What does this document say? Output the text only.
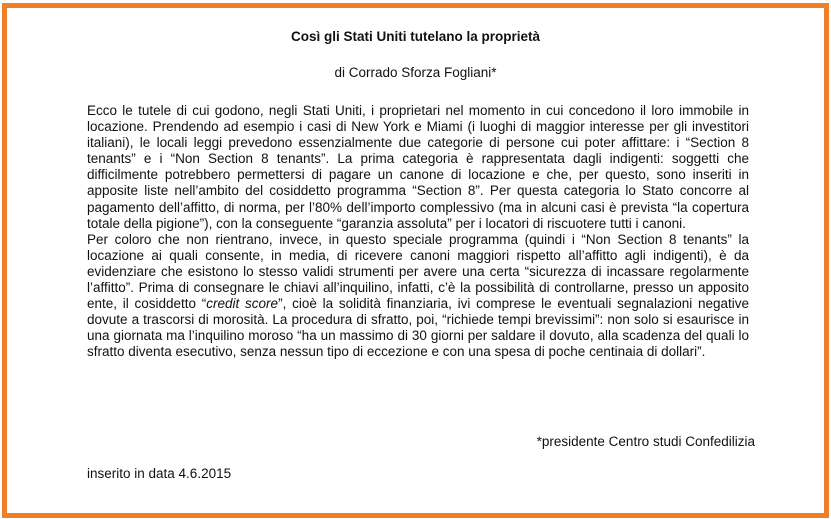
Così gli Stati Uniti tutelano la proprietà
di Corrado Sforza Fogliani*

Ecco le tutele di cui godono, negli Stati Uniti, i proprietari nel momento in cui concedono il loro immobile in locazione. Prendendo ad esempio i casi di New York e Miami (i luoghi di maggior interesse per gli investitori italiani), le locali leggi prevedono essenzialmente due categorie di persone cui poter affittare: i “Section 8 tenants” e i “Non Section 8 tenants”. La prima categoria è rappresentata dagli indigenti: soggetti che difficilmente potrebbero permettersi di pagare un canone di locazione e che, per questo, sono inseriti in apposite liste nell’ambito del cosiddetto programma “Section 8”. Per questa categoria lo Stato concorre al pagamento dell’affitto, di norma, per l’80% dell’importo complessivo (ma in alcuni casi è prevista “la copertura totale della pigione”), con la conseguente “garanzia assoluta” per i locatori di riscuotere tutti i canoni.

Per coloro che non rientrano, invece, in questo speciale programma (quindi i “Non Section 8 tenants” la locazione ai quali consente, in media, di ricevere canoni maggiori rispetto all’affitto agli indigenti), è da evidenziare che esistono lo stesso validi strumenti per avere una certa “sicurezza di incassare regolarmente l’affitto”. Prima di consegnare le chiavi all’inquilino, infatti, c’è la possibilità di controllarne, presso un apposito ente, il cosiddetto “credit score”, cioè la solidità finanziaria, ivi comprese le eventuali segnalazioni negative dovute a trascorsi di morosità. La procedura di sfratto, poi, “richiede tempi brevissimi”: non solo si esaurisce in una giornata ma l’inquilino moroso “ha un massimo di 30 giorni per saldare il dovuto, alla scadenza del quali lo sfratto diventa esecutivo, senza nessun tipo di eccezione e con una spesa di poche centinaia di dollari”.

*presidente Centro studi Confedilizia
inserito in data 4.6.2015
